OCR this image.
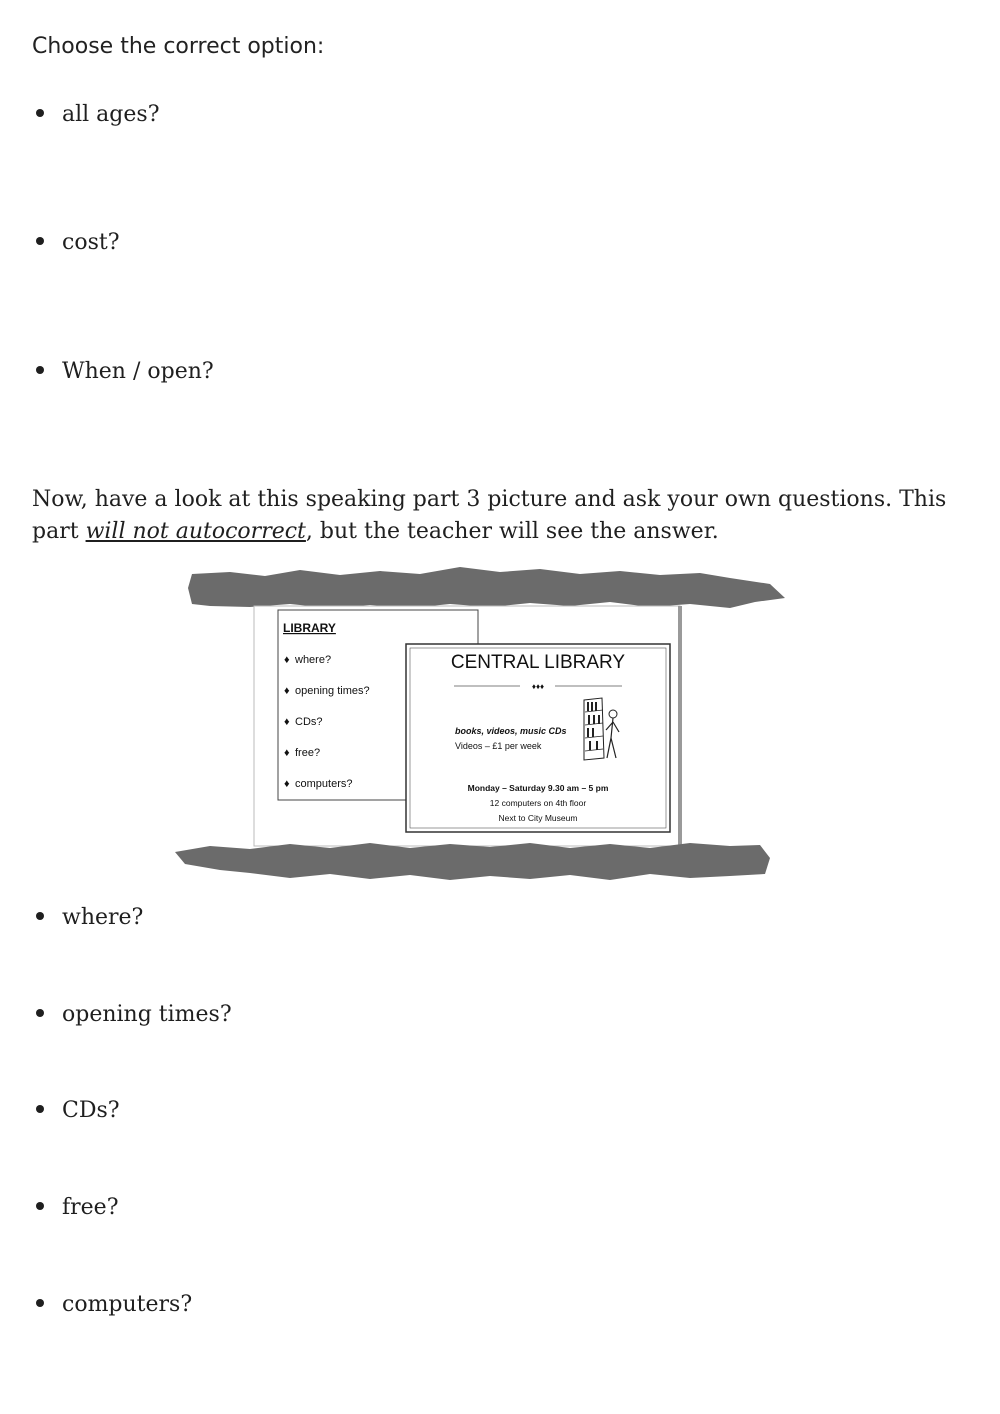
Choose the correct option:

all ages?

cost?

When / open?

Now, have a look at this speaking part 3 picture and ask your own questions. This part will not autocorrect, but the teacher will see the answer.

LIBRARY
♦ where?
♦ opening times?
♦ CDs?
♦ free?
♦ computers?
CENTRAL LIBRARY
♦♦♦
books, videos, music CDs
Videos – £1 per week
Monday – Saturday 9.30 am – 5 pm
12 computers on 4th floor
Next to City Museum

where?

opening times?

CDs?

free?

computers?
